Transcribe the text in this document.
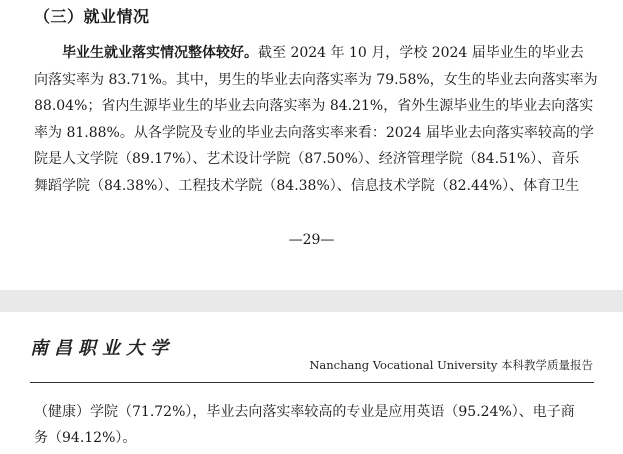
（三）就业情况
毕业生就业落实情况整体较好。截至 2024 年 10 月，学校 2024 届毕业生的毕业去
向落实率为 83.71%。其中，男生的毕业去向落实率为 79.58%，女生的毕业去向落实率为
88.04%；省内生源毕业生的毕业去向落实率为 84.21%，省外生源毕业生的毕业去向落实
率为 81.88%。从各学院及专业的毕业去向落实率来看：2024 届毕业去向落实率较高的学
院是人文学院（89.17%）、艺术设计学院（87.50%）、经济管理学院（84.51%）、音乐
舞蹈学院（84.38%）、工程技术学院（84.38%）、信息技术学院（82.44%）、体育卫生
—29—
南昌职业大学
Nanchang Vocational University 本科教学质量报告
（健康）学院（71.72%），毕业去向落实率较高的专业是应用英语（95.24%）、电子商
务（94.12%）。
